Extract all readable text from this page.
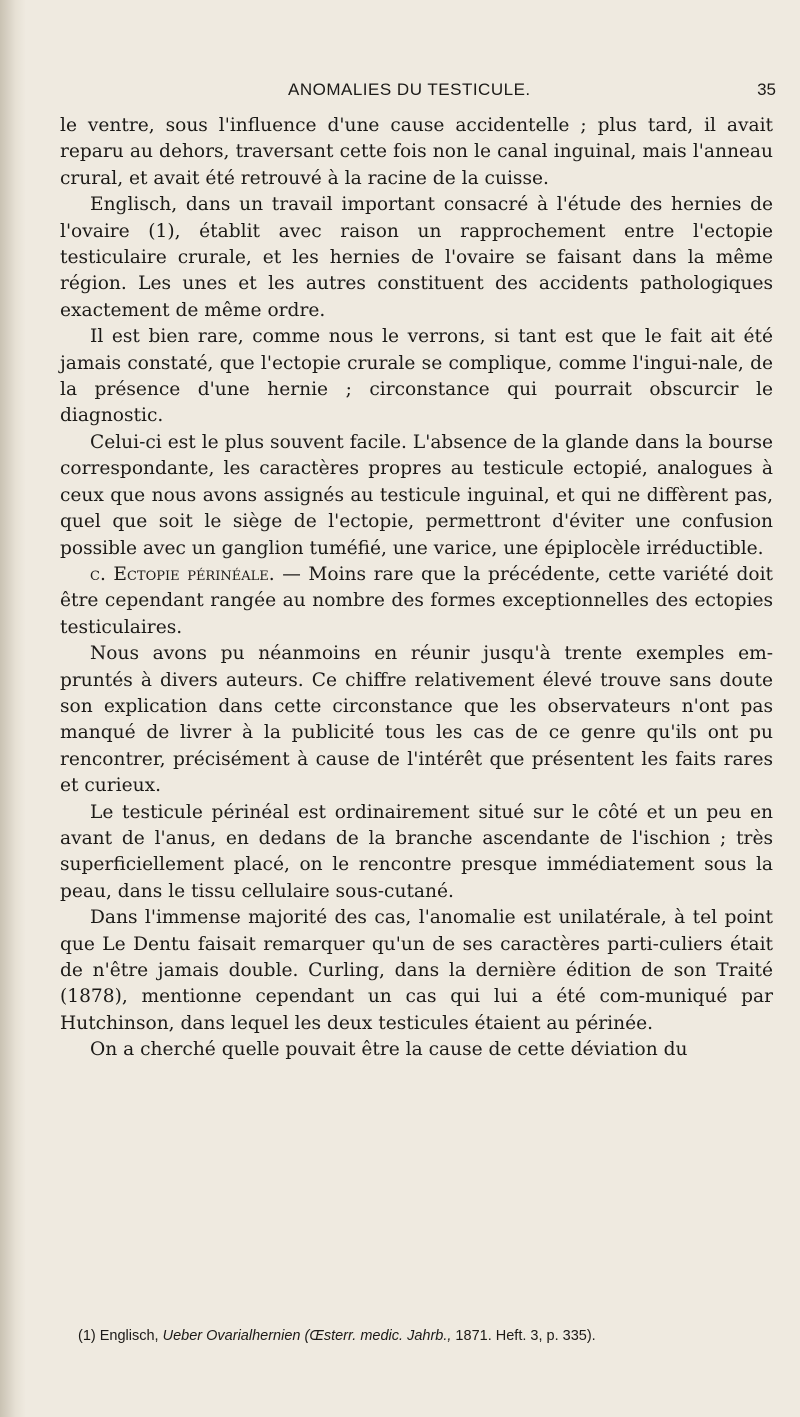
ANOMALIES DU TESTICULE.	35

le ventre, sous l'influence d'une cause accidentelle ; plus tard, il avait reparu au dehors, traversant cette fois non le canal inguinal, mais l'anneau crural, et avait été retrouvé à la racine de la cuisse.

Englisch, dans un travail important consacré à l'étude des hernies de l'ovaire (1), établit avec raison un rapprochement entre l'ectopie testiculaire crurale, et les hernies de l'ovaire se faisant dans la même région. Les unes et les autres constituent des accidents pathologiques exactement de même ordre.

Il est bien rare, comme nous le verrons, si tant est que le fait ait été jamais constaté, que l'ectopie crurale se complique, comme l'ingui-nale, de la présence d'une hernie ; circonstance qui pourrait obscurcir le diagnostic.

Celui-ci est le plus souvent facile. L'absence de la glande dans la bourse correspondante, les caractères propres au testicule ectopié, analogues à ceux que nous avons assignés au testicule inguinal, et qui ne diffèrent pas, quel que soit le siège de l'ectopie, permettront d'éviter une confusion possible avec un ganglion tuméfié, une varice, une épiplocèle irréductible.

c. Ectopie périnéale. — Moins rare que la précédente, cette variété doit être cependant rangée au nombre des formes exceptionnelles des ectopies testiculaires.

Nous avons pu néanmoins en réunir jusqu'à trente exemples em-pruntés à divers auteurs. Ce chiffre relativement élevé trouve sans doute son explication dans cette circonstance que les observateurs n'ont pas manqué de livrer à la publicité tous les cas de ce genre qu'ils ont pu rencontrer, précisément à cause de l'intérêt que présentent les faits rares et curieux.

Le testicule périnéal est ordinairement situé sur le côté et un peu en avant de l'anus, en dedans de la branche ascendante de l'ischion ; très superficiellement placé, on le rencontre presque immédiatement sous la peau, dans le tissu cellulaire sous-cutané.

Dans l'immense majorité des cas, l'anomalie est unilatérale, à tel point que Le Dentu faisait remarquer qu'un de ses caractères parti-culiers était de n'être jamais double. Curling, dans la dernière édition de son Traité (1878), mentionne cependant un cas qui lui a été com-muniqué par Hutchinson, dans lequel les deux testicules étaient au périnée.

On a cherché quelle pouvait être la cause de cette déviation du

(1) Englisch, Ueber Ovarialhernien (Œsterr. medic. Jahrb., 1871. Heft. 3, p. 335).
